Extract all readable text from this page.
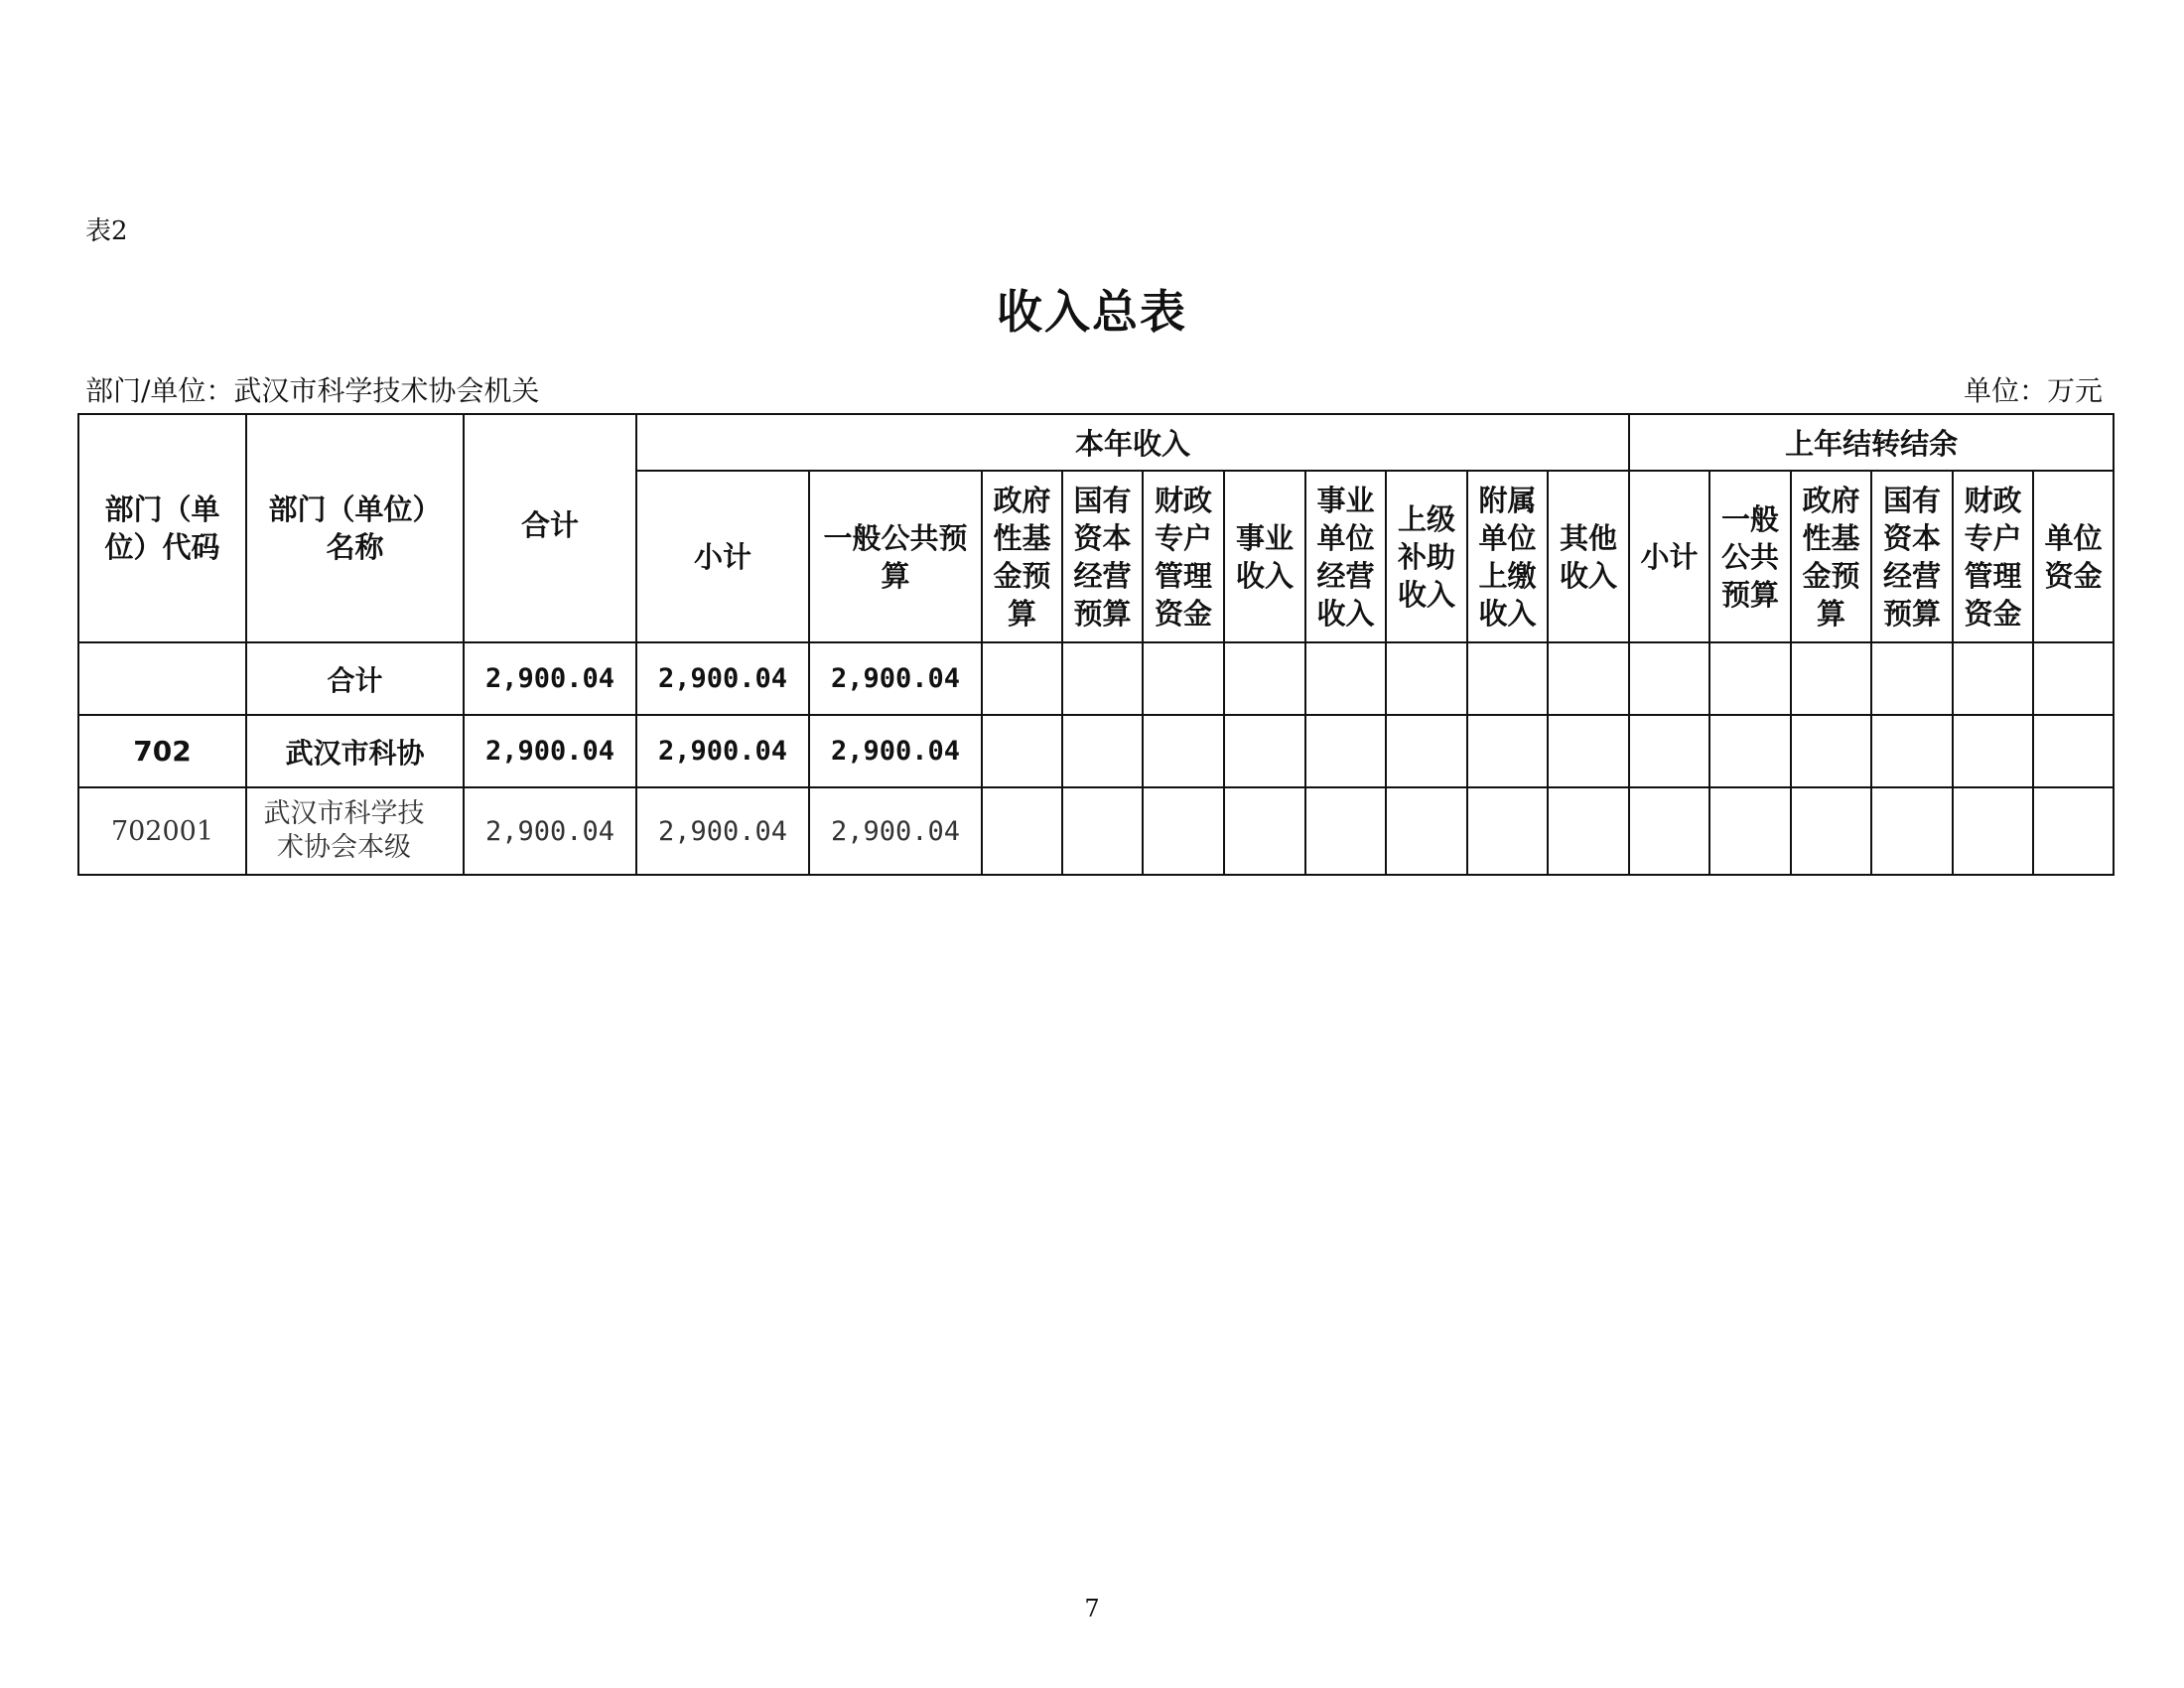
表2
收入总表
部门/单位：武汉市科学技术协会机关	单位：万元
部门（单位）代码	部门（单位）名称	合计	本年收入										上年结转结余					
			小计	一般公共预算	政府性基金预算	国有资本经营预算	财政专户管理资金	事业收入	事业单位经营收入	上级补助收入	附属单位上缴收入	其他收入	小计	一般公共预算	政府性基金预算	国有资本经营预算	财政专户管理资金	单位资金
	合计	2,900.04	2,900.04	2,900.04														
702	武汉市科协	2,900.04	2,900.04	2,900.04														
702001	武汉市科学技术协会本级	2,900.04	2,900.04	2,900.04														
7
